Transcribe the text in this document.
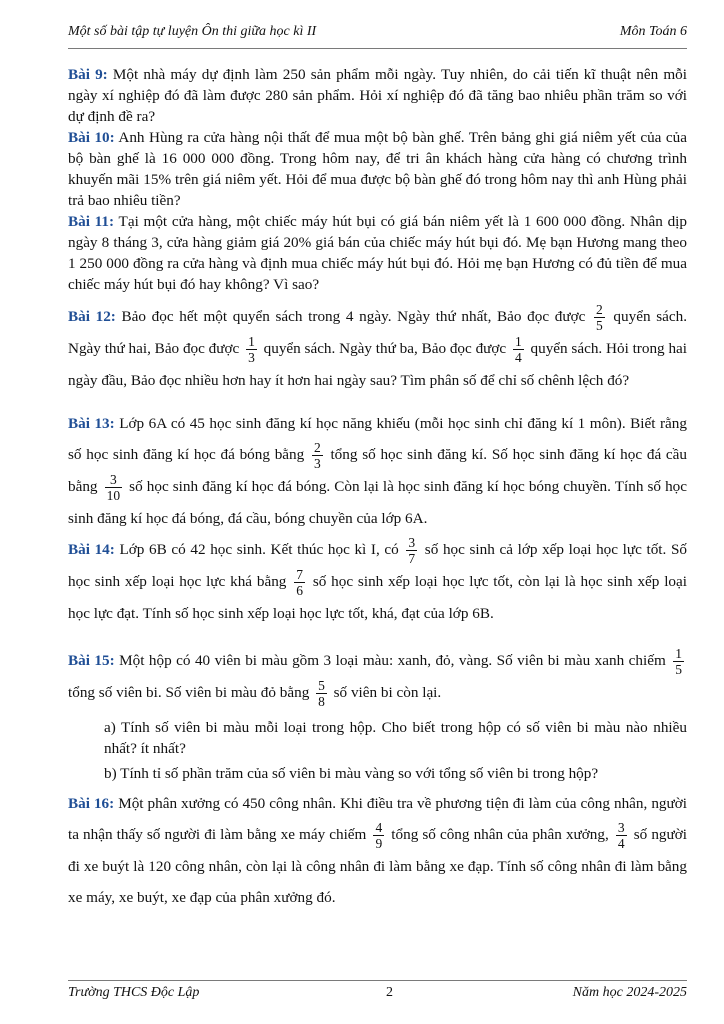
Một số bài tập tự luyện Ôn thi giữa học kì II	Môn Toán 6

Bài 9: Một nhà máy dự định làm 250 sản phẩm mỗi ngày. Tuy nhiên, do cải tiến kĩ thuật nên mỗi ngày xí nghiệp đó đã làm được 280 sản phẩm. Hỏi xí nghiệp đó đã tăng bao nhiêu phần trăm so với dự định đề ra?

Bài 10: Anh Hùng ra cửa hàng nội thất để mua một bộ bàn ghế. Trên bảng ghi giá niêm yết của của bộ bàn ghế là 16 000 000 đồng. Trong hôm nay, để tri ân khách hàng cửa hàng có chương trình khuyến mãi 15% trên giá niêm yết. Hỏi để mua được bộ bàn ghế đó trong hôm nay thì anh Hùng phải trả bao nhiêu tiền?

Bài 11: Tại một cửa hàng, một chiếc máy hút bụi có giá bán niêm yết là 1 600 000 đồng. Nhân dịp ngày 8 tháng 3, cửa hàng giảm giá 20% giá bán của chiếc máy hút bụi đó. Mẹ bạn Hương mang theo 1 250 000 đồng ra cửa hàng và định mua chiếc máy hút bụi đó. Hỏi mẹ bạn Hương có đủ tiền để mua chiếc máy hút bụi đó hay không? Vì sao?

Bài 12: Bảo đọc hết một quyển sách trong 4 ngày. Ngày thứ nhất, Bảo đọc được $\frac{2}{5}$ quyển sách. Ngày thứ hai, Bảo đọc được $\frac{1}{3}$ quyển sách. Ngày thứ ba, Bảo đọc được $\frac{1}{4}$ quyển sách. Hỏi trong hai ngày đầu, Bảo đọc nhiều hơn hay ít hơn hai ngày sau? Tìm phân số để chỉ số chênh lệch đó?

Bài 13: Lớp 6A có 45 học sinh đăng kí học năng khiếu (mỗi học sinh chỉ đăng kí 1 môn). Biết rằng số học sinh đăng kí học đá bóng bằng $\frac{2}{3}$ tổng số học sinh đăng kí. Số học sinh đăng kí học đá cầu bằng $\frac{3}{10}$ số học sinh đăng kí học đá bóng. Còn lại là học sinh đăng kí học bóng chuyền. Tính số học sinh đăng kí học đá bóng, đá cầu, bóng chuyền của lớp 6A.

Bài 14: Lớp 6B có 42 học sinh. Kết thúc học kì I, có $\frac{3}{7}$ số học sinh cả lớp xếp loại học lực tốt. Số học sinh xếp loại học lực khá bằng $\frac{7}{6}$ số học sinh xếp loại học lực tốt, còn lại là học sinh xếp loại học lực đạt. Tính số học sinh xếp loại học lực tốt, khá, đạt của lớp 6B.

Bài 15: Một hộp có 40 viên bi màu gồm 3 loại màu: xanh, đỏ, vàng. Số viên bi màu xanh chiếm $\frac{1}{5}$
tổng số viên bi. Số viên bi màu đỏ bằng $\frac{5}{8}$ số viên bi còn lại.

a) Tính số viên bi màu mỗi loại trong hộp. Cho biết trong hộp có số viên bi màu nào nhiều nhất? ít nhất?

b) Tính tỉ số phần trăm của số viên bi màu vàng so với tổng số viên bi trong hộp?

Bài 16: Một phân xưởng có 450 công nhân. Khi điều tra về phương tiện đi làm của công nhân, người ta nhận thấy số người đi làm bằng xe máy chiếm $\frac{4}{9}$ tổng số công nhân của phân xưởng, $\frac{3}{4}$ số người đi xe buýt là 120 công nhân, còn lại là công nhân đi làm bằng xe đạp. Tính số công nhân đi làm bằng xe máy, xe buýt, xe đạp của phân xưởng đó.

Trường THCS Độc Lập	2	Năm học 2024-2025
